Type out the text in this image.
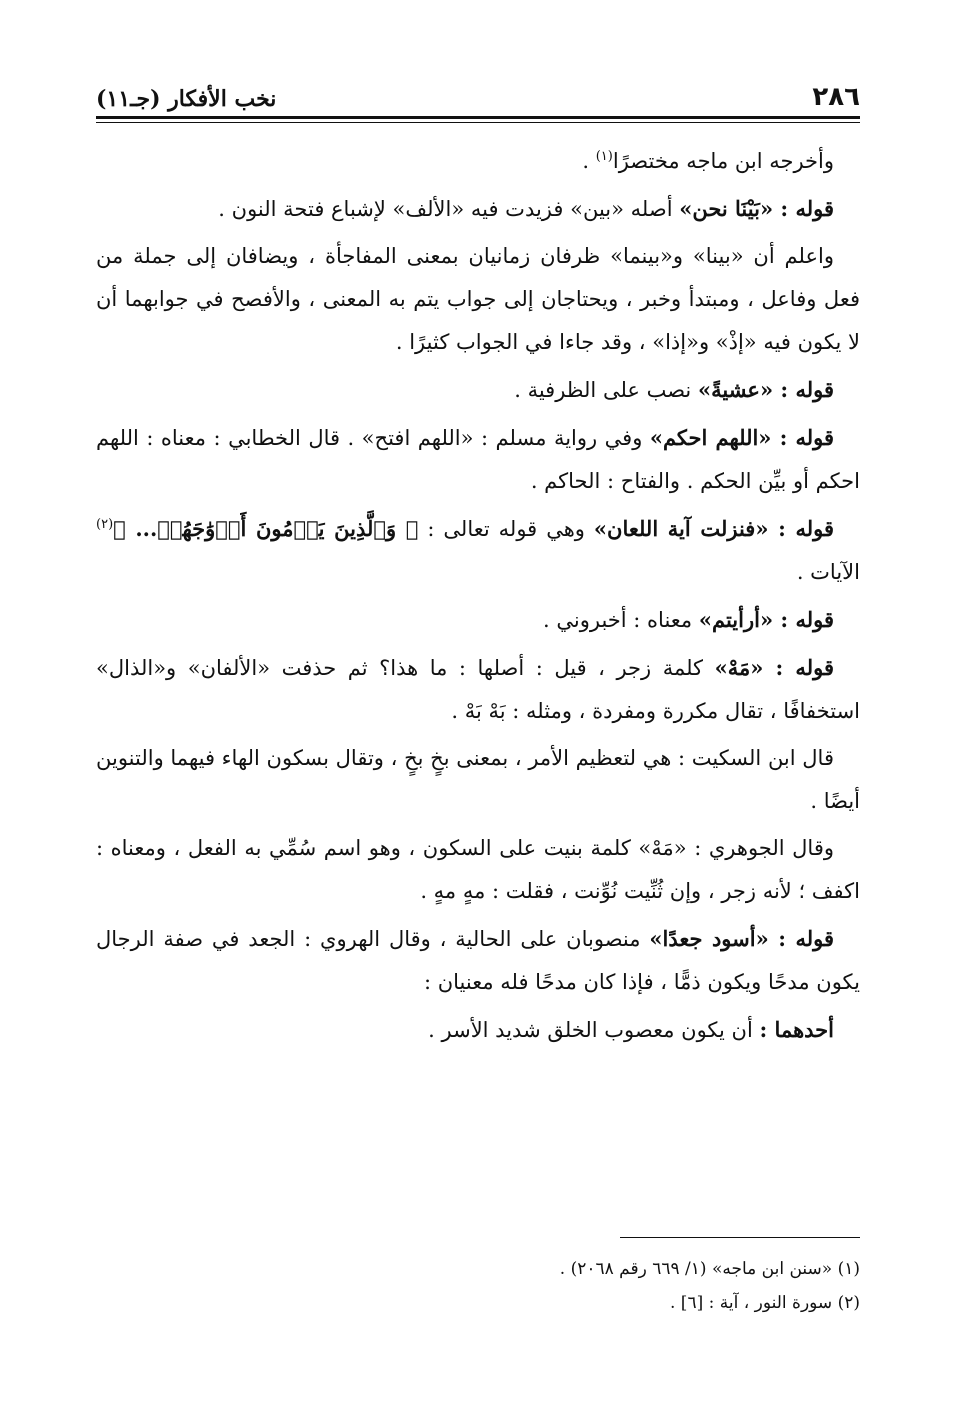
٢٨٦
نخب الأفكار (جـ١١)

وأخرجه ابن ماجه مختصرًا$^{(١)}$ .

قوله : «بَيْنَا نحن» أصله «بين» فزيدت فيه «الألف» لإشباع فتحة النون .

واعلم أن «بينا» و«بينما» ظرفان زمانيان بمعنى المفاجأة ، ويضافان إلى جملة من فعل وفاعل ، ومبتدأ وخبر ، ويحتاجان إلى جواب يتم به المعنى ، والأفصح في جوابهما أن لا يكون فيه «إذْ» و«إذا» ، وقد جاءا في الجواب كثيرًا .

قوله : «عشيةً» نصب على الظرفية .

قوله : «اللهم احكم» وفي رواية مسلم : «اللهم افتح» . قال الخطابي : معناه : اللهم احكم أو بيِّن الحكم . والفتاح : الحاكم .

قوله : «فنزلت آية اللعان» وهي قوله تعالى : ﴿ وَٱلَّذِينَ يَرۡمُونَ أَزۡوَٰجَهُمۡ... ﴾$^{(٢)}$ الآيات .

قوله : «أرأيتم» معناه : أخبروني .

قوله : «مَهْ» كلمة زجر ، قيل : أصلها : ما هذا؟ ثم حذفت «الألفان» و«الذال» استخفافًا ، تقال مكررة ومفردة ، ومثله : بَهْ بَهْ .

قال ابن السكيت : هي لتعظيم الأمر ، بمعنى بخٍ بخٍ ، وتقال بسكون الهاء فيهما والتنوين أيضًا .

وقال الجوهري : «مَهْ» كلمة بنيت على السكون ، وهو اسم سُمِّي به الفعل ، ومعناه : اكفف ؛ لأنه زجر ، وإن ثُنِّيت نُوِّنت ، فقلت : مهٍ مهٍ .

قوله : «أسود جعدًا» منصوبان على الحالية ، وقال الهروي : الجعد في صفة الرجال يكون مدحًا ويكون ذمًّا ، فإذا كان مدحًا فله معنيان :

أحدهما : أن يكون معصوب الخلق شديد الأسر .

(١) «سنن ابن ماجه» (١/ ٦٦٩ رقم ٢٠٦٨) .

(٢) سورة النور ، آية : [٦] .
